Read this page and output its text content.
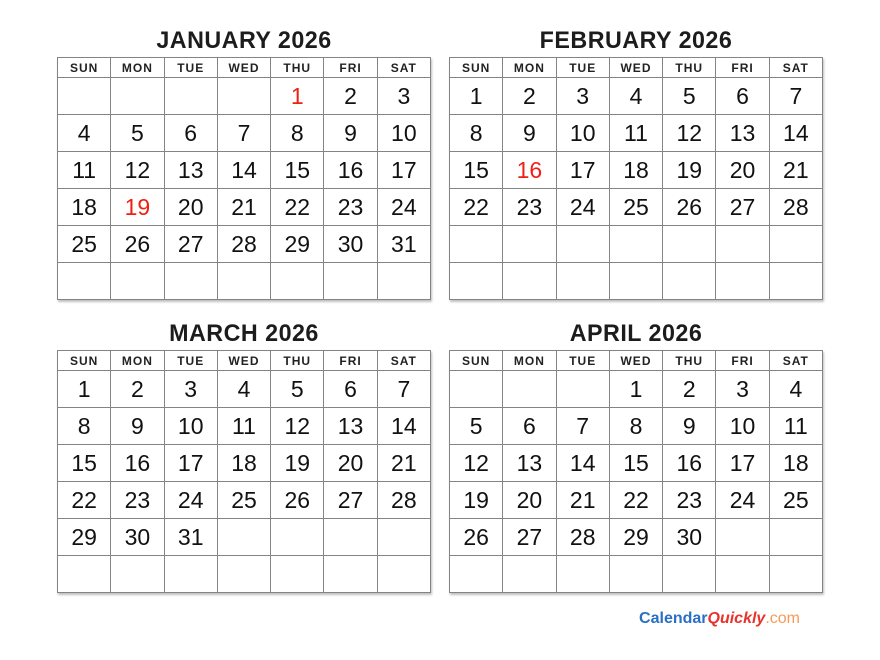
JANUARY 2026
SUN	MON	TUE	WED	THU	FRI	SAT
				1	2	3
4	5	6	7	8	9	10
11	12	13	14	15	16	17
18	19	20	21	22	23	24
25	26	27	28	29	30	31

FEBRUARY 2026
SUN	MON	TUE	WED	THU	FRI	SAT
1	2	3	4	5	6	7
8	9	10	11	12	13	14
15	16	17	18	19	20	21
22	23	24	25	26	27	28

MARCH 2026
SUN	MON	TUE	WED	THU	FRI	SAT
1	2	3	4	5	6	7
8	9	10	11	12	13	14
15	16	17	18	19	20	21
22	23	24	25	26	27	28
29	30	31				

APRIL 2026
SUN	MON	TUE	WED	THU	FRI	SAT
			1	2	3	4
5	6	7	8	9	10	11
12	13	14	15	16	17	18
19	20	21	22	23	24	25
26	27	28	29	30		

CalendarQuickly.com
